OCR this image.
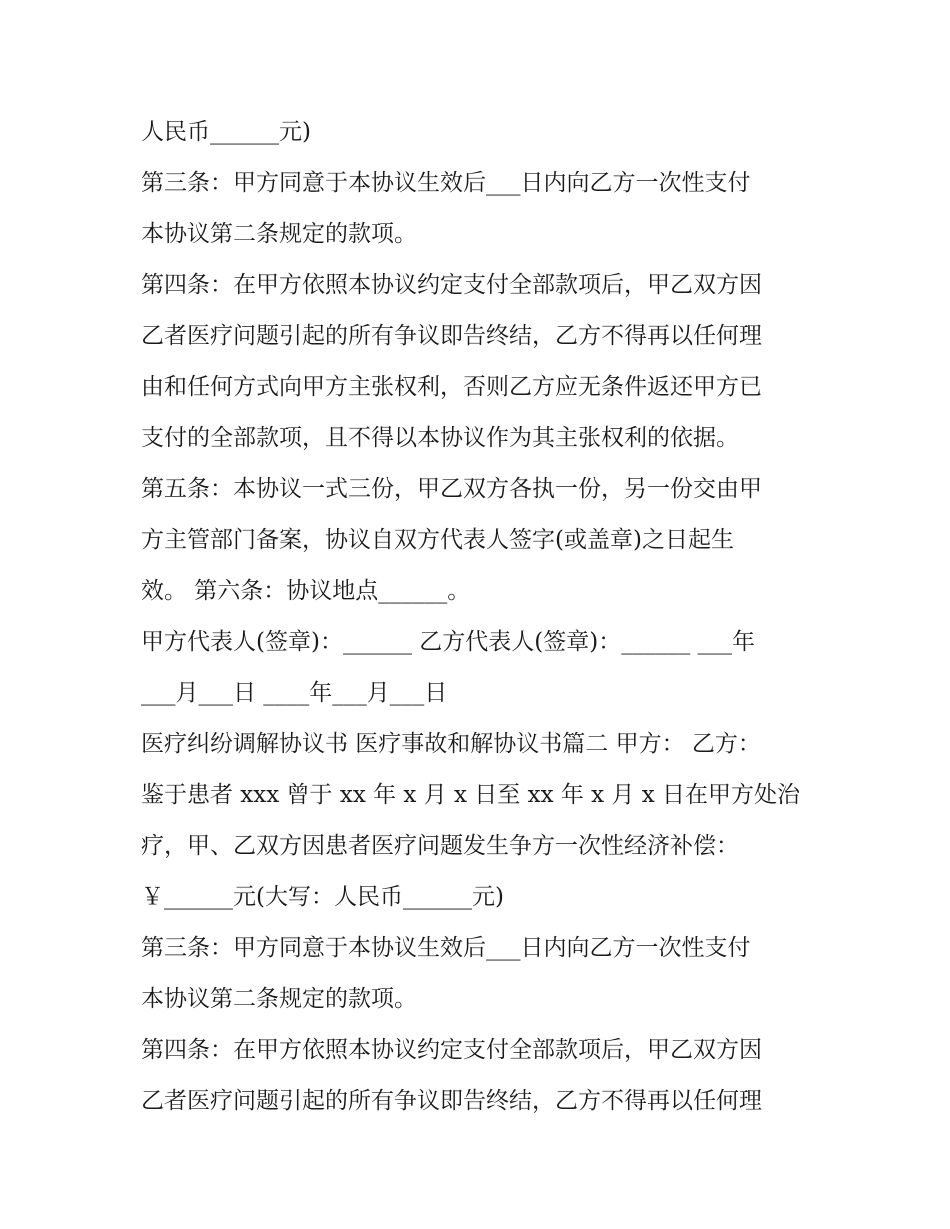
人民币______元)
第三条：甲方同意于本协议生效后___日内向乙方一次性支付
本协议第二条规定的款项。
第四条：在甲方依照本协议约定支付全部款项后，甲乙双方因
乙者医疗问题引起的所有争议即告终结，乙方不得再以任何理
由和任何方式向甲方主张权利，否则乙方应无条件返还甲方已
支付的全部款项，且不得以本协议作为其主张权利的依据。
第五条：本协议一式三份，甲乙双方各执一份，另一份交由甲
方主管部门备案，协议自双方代表人签字(或盖章)之日起生
效。 第六条：协议地点______。
甲方代表人(签章)：______ 乙方代表人(签章)：______ ___年
___月___日 ____年___月___日
医疗纠纷调解协议书 医疗事故和解协议书篇二 甲方： 乙方：
鉴于患者 xxx 曾于 xx 年 x 月 x 日至 xx 年 x 月 x 日在甲方处治
疗，甲、乙双方因患者医疗问题发生争方一次性经济补偿：
￥______元(大写：人民币______元)
第三条：甲方同意于本协议生效后___日内向乙方一次性支付
本协议第二条规定的款项。
第四条：在甲方依照本协议约定支付全部款项后，甲乙双方因
乙者医疗问题引起的所有争议即告终结，乙方不得再以任何理
